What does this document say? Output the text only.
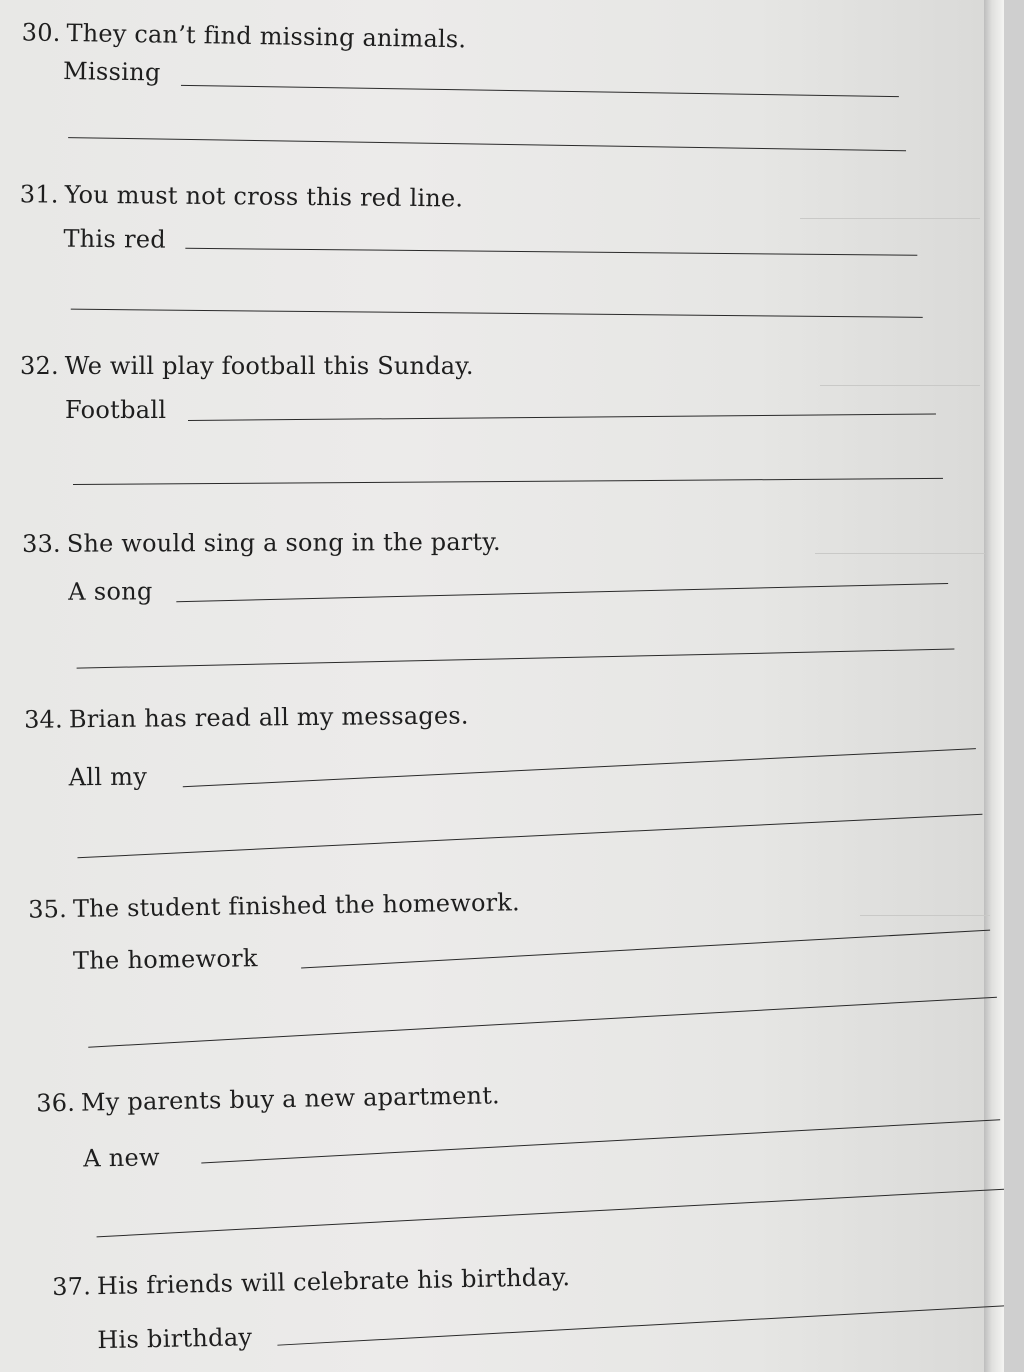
30. They can’t find missing animals.
Missing
31. You must not cross this red line.
This red
32. We will play football this Sunday.
Football
33. She would sing a song in the party.
A song
34. Brian has read all my messages.
All my
35. The student finished the homework.
The homework
36. My parents buy a new apartment.
A new
37. His friends will celebrate his birthday.
His birthday
